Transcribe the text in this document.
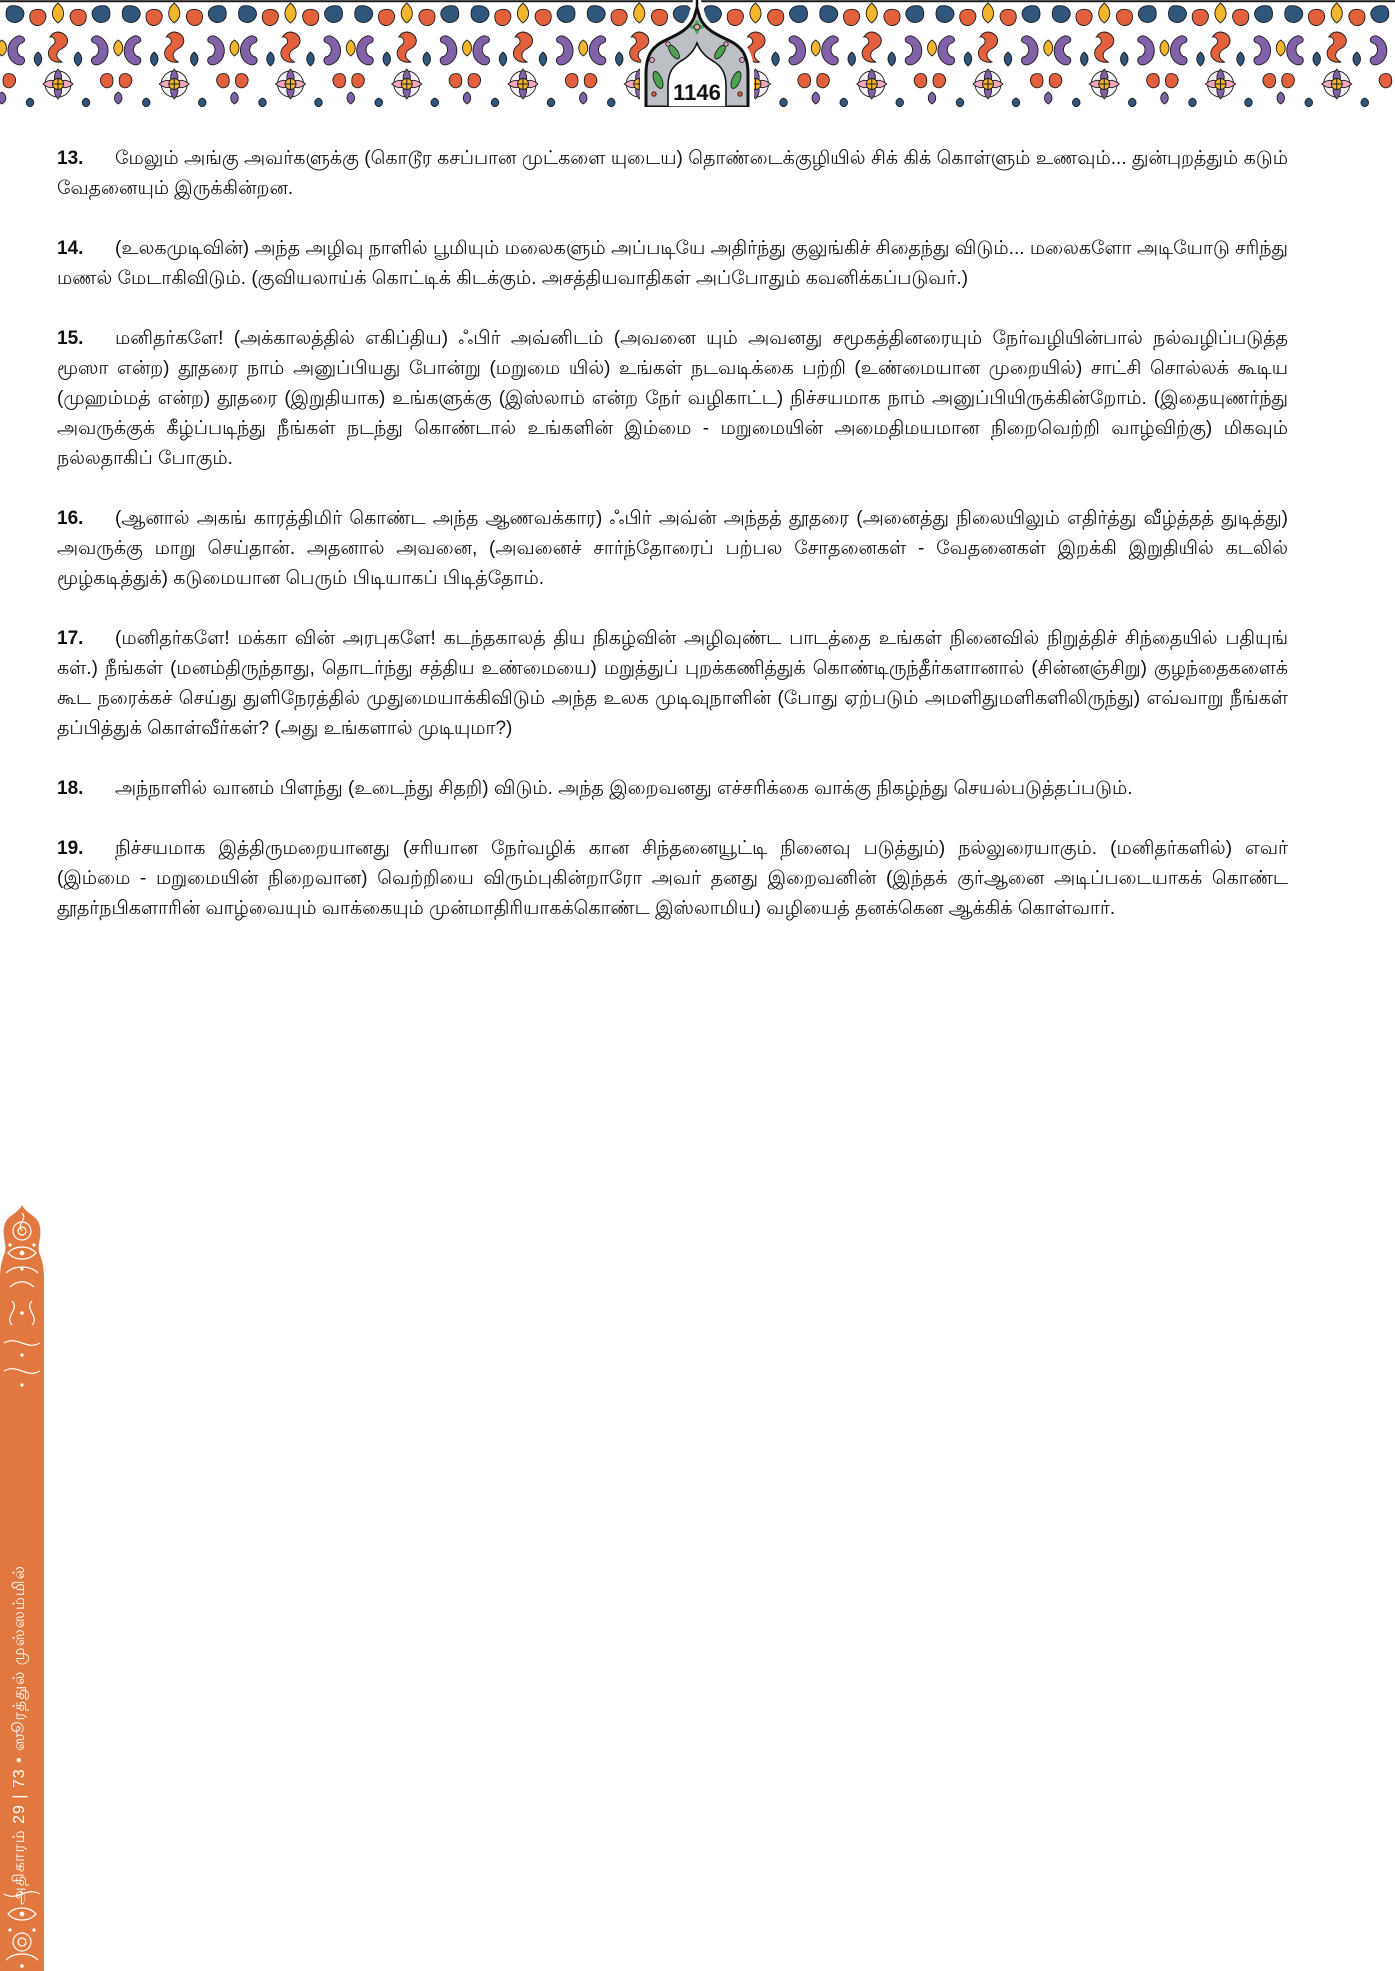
1146

13. மேலும் அங்கு அவர்களுக்கு (கொடூர கசப்பான முட்களை யுடைய) தொண்டைக்குழியில் சிக் கிக் கொள்ளும் உணவும்... துன்புறத்தும் கடும் வேதனையும் இருக்கின்றன.

14. (உலகமுடிவின்) அந்த அழிவு நாளில் பூமியும் மலைகளும் அப்படியே அதிர்ந்து குலுங்கிச் சிதைந்து விடும்... மலைகளோ அடியோடு சரிந்து மணல் மேடாகிவிடும். (குவியலாய்க் கொட்டிக் கிடக்கும். அசத்தியவாதிகள் அப்போதும் கவனிக்கப்படுவர்.)

15. மனிதர்களே! (அக்காலத்தில் எகிப்திய) ஃபிர் அவ்னிடம் (அவனை யும் அவனது சமூகத்தினரையும் நேர்வழியின்பால் நல்வழிப்படுத்த மூஸா என்ற) தூதரை நாம் அனுப்பியது போன்று (மறுமை யில்) உங்கள் நடவடிக்கை பற்றி (உண்மையான முறையில்) சாட்சி சொல்லக் கூடிய (முஹம்மத் என்ற) தூதரை (இறுதியாக) உங்களுக்கு (இஸ்லாம் என்ற நேர் வழிகாட்ட) நிச்சயமாக நாம் அனுப்பியிருக்கின்றோம். (இதையுணர்ந்து அவருக்குக் கீழ்ப்படிந்து நீங்கள் நடந்து கொண்டால் உங்களின் இம்மை - மறுமையின் அமைதிமயமான நிறைவெற்றி வாழ்விற்கு) மிகவும் நல்லதாகிப் போகும்.

16. (ஆனால் அகங் காரத்திமிர் கொண்ட அந்த ஆணவக்கார) ஃபிர் அவ்ன் அந்தத் தூதரை (அனைத்து நிலையிலும் எதிர்த்து வீழ்த்தத் துடித்து) அவருக்கு மாறு செய்தான். அதனால் அவனை, (அவனைச் சார்ந்தோரைப் பற்பல சோதனைகள் - வேதனைகள் இறக்கி இறுதியில் கடலில் மூழ்கடித்துக்) கடுமையான பெரும் பிடியாகப் பிடித்தோம்.

17. (மனிதர்களே! மக்கா வின் அரபுகளே! கடந்தகாலத் திய நிகழ்வின் அழிவுண்ட பாடத்தை உங்கள் நினைவில் நிறுத்திச் சிந்தையில் பதியுங் கள்.) நீங்கள் (மனம்திருந்தாது, தொடர்ந்து சத்திய உண்மையை) மறுத்துப் புறக்கணித்துக் கொண்டிருந்தீர்களானால் (சின்னஞ்சிறு) குழந்தைகளைக் கூட நரைக்கச் செய்து துளிநேரத்தில் முதுமையாக்கிவிடும் அந்த உலக முடிவுநாளின் (போது ஏற்படும் அமளிதுமளிகளிலிருந்து) எவ்வாறு நீங்கள் தப்பித்துக் கொள்வீர்கள்? (அது உங்களால் முடியுமா?)

18. அந்நாளில் வானம் பிளந்து (உடைந்து சிதறி) விடும். அந்த இறைவனது எச்சரிக்கை வாக்கு நிகழ்ந்து செயல்படுத்தப்படும்.

19. நிச்சயமாக இத்திருமறையானது (சரியான நேர்வழிக் கான சிந்தனையூட்டி நினைவு படுத்தும்) நல்லுரையாகும். (மனிதர்களில்) எவர் (இம்மை - மறுமையின் நிறைவான) வெற்றியை விரும்புகின்றாரோ அவர் தனது இறைவனின் (இந்தக் குர்ஆனை அடிப்படையாகக் கொண்ட தூதர்நபிகளாரின் வாழ்வையும் வாக்கையும் முன்மாதிரியாகக்கொண்ட இஸ்லாமிய) வழியைத் தனக்கென ஆக்கிக் கொள்வார்.

அதிகாரம் 29 | 73 • ஸூரத்துல் முஸ்ஸம்மில்
